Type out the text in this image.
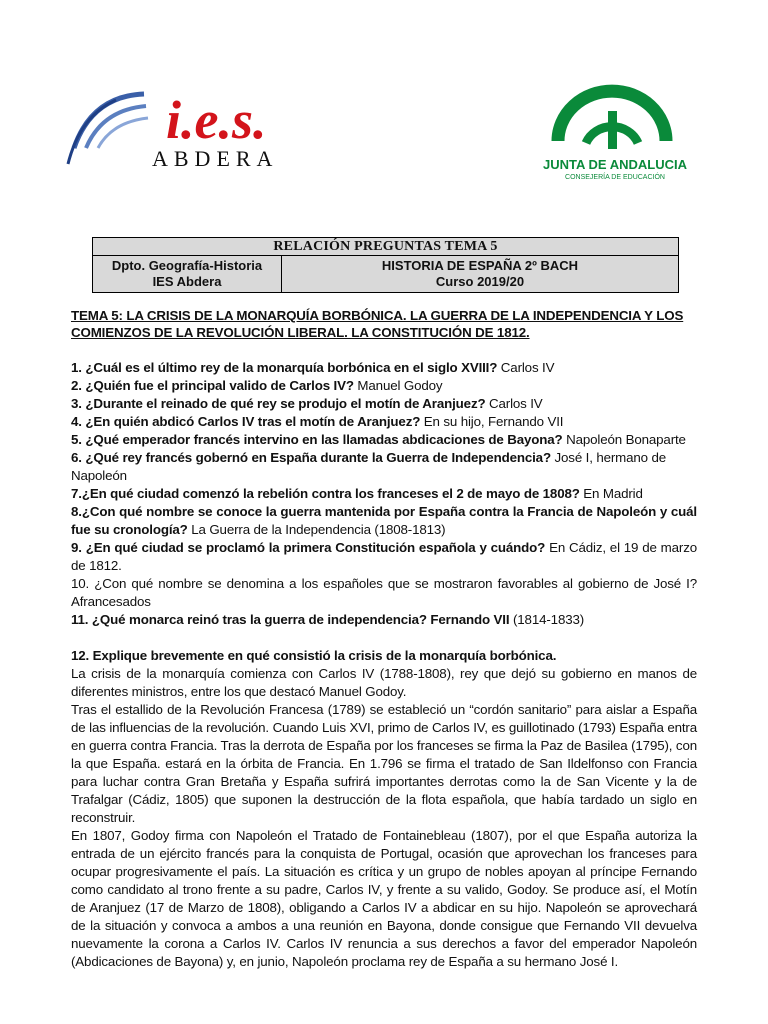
i.e.s.
ABDERA	JUNTA DE ANDALUCIA
CONSEJERÍA DE EDUCACIÓN
RELACIÓN PREGUNTAS TEMA 5

Dpto. Geografía-Historia
IES Abdera

HISTORIA DE ESPAÑA 2º BACH
Curso 2019/20

TEMA 5: LA CRISIS DE LA MONARQUÍA BORBÓNICA. LA GUERRA DE LA INDEPENDENCIA Y LOS COMIENZOS DE LA REVOLUCIÓN LIBERAL. LA CONSTITUCIÓN DE 1812.

1. ¿Cuál es el último rey de la monarquía borbónica en el siglo XVIII? Carlos IV

2. ¿Quién fue el principal valido de Carlos IV? Manuel Godoy

3. ¿Durante el reinado de qué rey se produjo el motín de Aranjuez? Carlos IV

4. ¿En quién abdicó Carlos IV tras el motín de Aranjuez? En su hijo, Fernando VII

5. ¿Qué emperador francés intervino en las llamadas abdicaciones de Bayona? Napoleón Bonaparte

6. ¿Qué rey francés gobernó en España durante la Guerra de Independencia? José I, hermano de Napoleón

7.¿En qué ciudad comenzó la rebelión contra los franceses el 2 de mayo de 1808? En Madrid

8.¿Con qué nombre se conoce la guerra mantenida por España contra la Francia de Napoleón y cuál fue su cronología? La Guerra de la Independencia (1808-1813)

9. ¿En qué ciudad se proclamó la primera Constitución española y cuándo? En Cádiz, el 19 de marzo de 1812.

10. ¿Con qué nombre se denomina a los españoles que se mostraron favorables al gobierno de José I? Afrancesados

11. ¿Qué monarca reinó tras la guerra de independencia? Fernando VII (1814-1833)

12. Explique brevemente en qué consistió la crisis de la monarquía borbónica.

La crisis de la monarquía comienza con Carlos IV (1788-1808), rey que dejó su gobierno en manos de diferentes ministros, entre los que destacó Manuel Godoy.

Tras el estallido de la Revolución Francesa (1789) se estableció un “cordón sanitario” para aislar a España de las influencias de la revolución. Cuando Luis XVI, primo de Carlos IV, es guillotinado (1793) España entra en guerra contra Francia. Tras la derrota de España por los franceses se firma la Paz de Basilea (1795), con la que España. estará en la órbita de Francia. En 1.796 se firma el tratado de San Ildelfonso con Francia para luchar contra Gran Bretaña y España sufrirá importantes derrotas como la de San Vicente y la de Trafalgar (Cádiz, 1805) que suponen la destrucción de la flota española, que había tardado un siglo en reconstruir.

En 1807, Godoy firma con Napoleón el Tratado de Fontainebleau (1807), por el que España autoriza la entrada de un ejército francés para la conquista de Portugal, ocasión que aprovechan los franceses para ocupar progresivamente el país. La situación es crítica y un grupo de nobles apoyan al príncipe Fernando como candidato al trono frente a su padre, Carlos IV, y frente a su valido, Godoy. Se produce así, el Motín de Aranjuez (17 de Marzo de 1808), obligando a Carlos IV a abdicar en su hijo. Napoleón se aprovechará de la situación y convoca a ambos a una reunión en Bayona, donde consigue que Fernando VII devuelva nuevamente la corona a Carlos IV. Carlos IV renuncia a sus derechos a favor del emperador Napoleón (Abdicaciones de Bayona) y, en junio, Napoleón proclama rey de España a su hermano José I.
